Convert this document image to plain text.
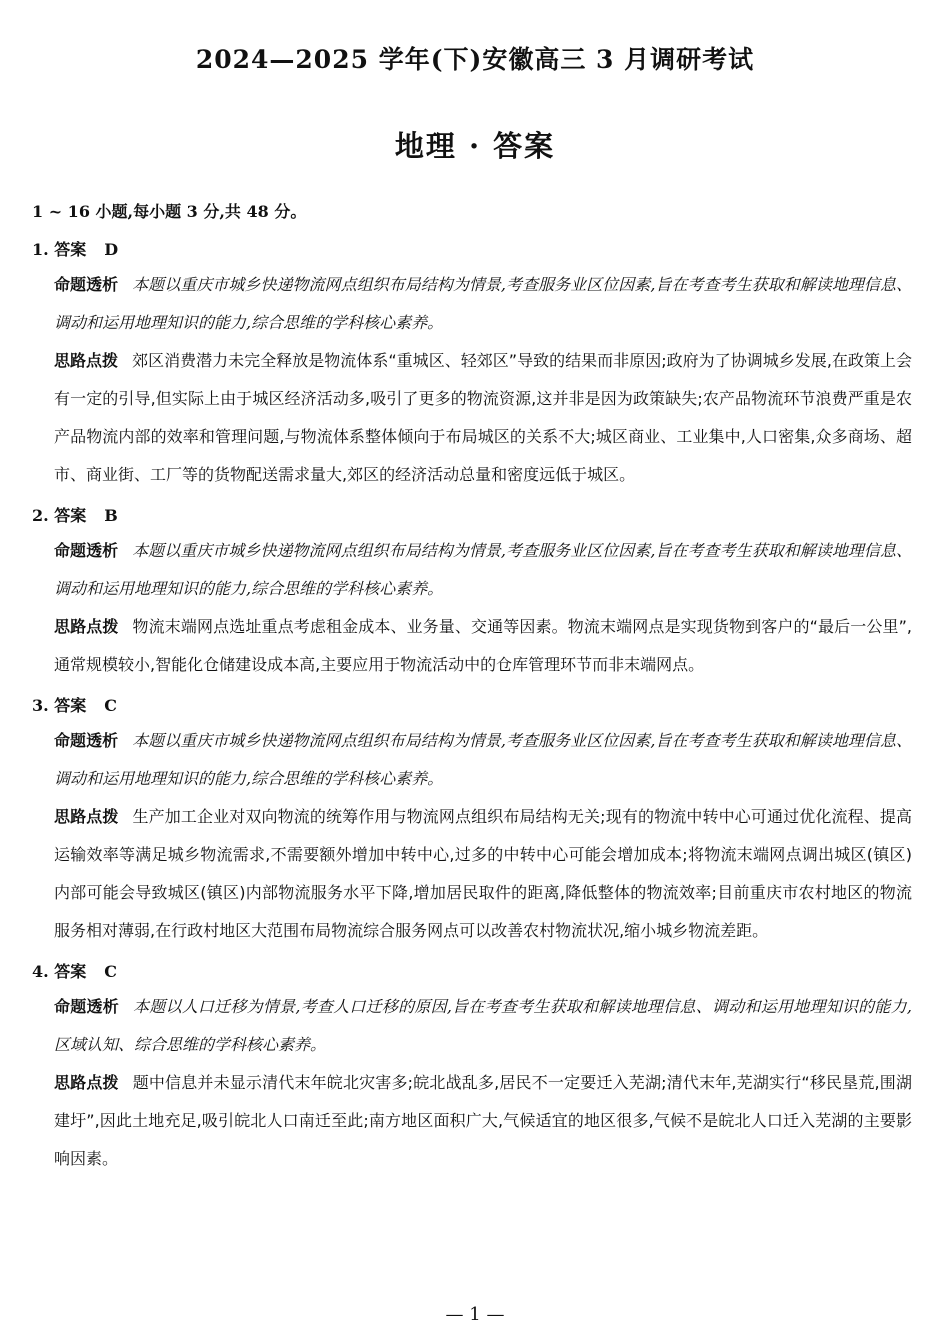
2024—2025 学年(下)安徽高三 3 月调研考试
地理 · 答案
1 ~ 16 小题,每小题 3 分,共 48 分。
1. 答案 D
命题透析 本题以重庆市城乡快递物流网点组织布局结构为情景,考查服务业区位因素,旨在考查考生获取和解读地理信息、调动和运用地理知识的能力,综合思维的学科核心素养。
思路点拨 郊区消费潜力未完全释放是物流体系“重城区、轻郊区”导致的结果而非原因;政府为了协调城乡发展,在政策上会有一定的引导,但实际上由于城区经济活动多,吸引了更多的物流资源,这并非是因为政策缺失;农产品物流环节浪费严重是农产品物流内部的效率和管理问题,与物流体系整体倾向于布局城区的关系不大;城区商业、工业集中,人口密集,众多商场、超市、商业街、工厂等的货物配送需求量大,郊区的经济活动总量和密度远低于城区。
2. 答案 B
命题透析 本题以重庆市城乡快递物流网点组织布局结构为情景,考查服务业区位因素,旨在考查考生获取和解读地理信息、调动和运用地理知识的能力,综合思维的学科核心素养。
思路点拨 物流末端网点选址重点考虑租金成本、业务量、交通等因素。物流末端网点是实现货物到客户的“最后一公里”,通常规模较小,智能化仓储建设成本高,主要应用于物流活动中的仓库管理环节而非末端网点。
3. 答案 C
命题透析 本题以重庆市城乡快递物流网点组织布局结构为情景,考查服务业区位因素,旨在考查考生获取和解读地理信息、调动和运用地理知识的能力,综合思维的学科核心素养。
思路点拨 生产加工企业对双向物流的统筹作用与物流网点组织布局结构无关;现有的物流中转中心可通过优化流程、提高运输效率等满足城乡物流需求,不需要额外增加中转中心,过多的中转中心可能会增加成本;将物流末端网点调出城区(镇区)内部可能会导致城区(镇区)内部物流服务水平下降,增加居民取件的距离,降低整体的物流效率;目前重庆市农村地区的物流服务相对薄弱,在行政村地区大范围布局物流综合服务网点可以改善农村物流状况,缩小城乡物流差距。
4. 答案 C
命题透析 本题以人口迁移为情景,考查人口迁移的原因,旨在考查考生获取和解读地理信息、调动和运用地理知识的能力,区域认知、综合思维的学科核心素养。
思路点拨 题中信息并未显示清代末年皖北灾害多;皖北战乱多,居民不一定要迁入芜湖;清代末年,芜湖实行“移民垦荒,围湖建圩”,因此土地充足,吸引皖北人口南迁至此;南方地区面积广大,气候适宜的地区很多,气候不是皖北人口迁入芜湖的主要影响因素。
— 1 —
